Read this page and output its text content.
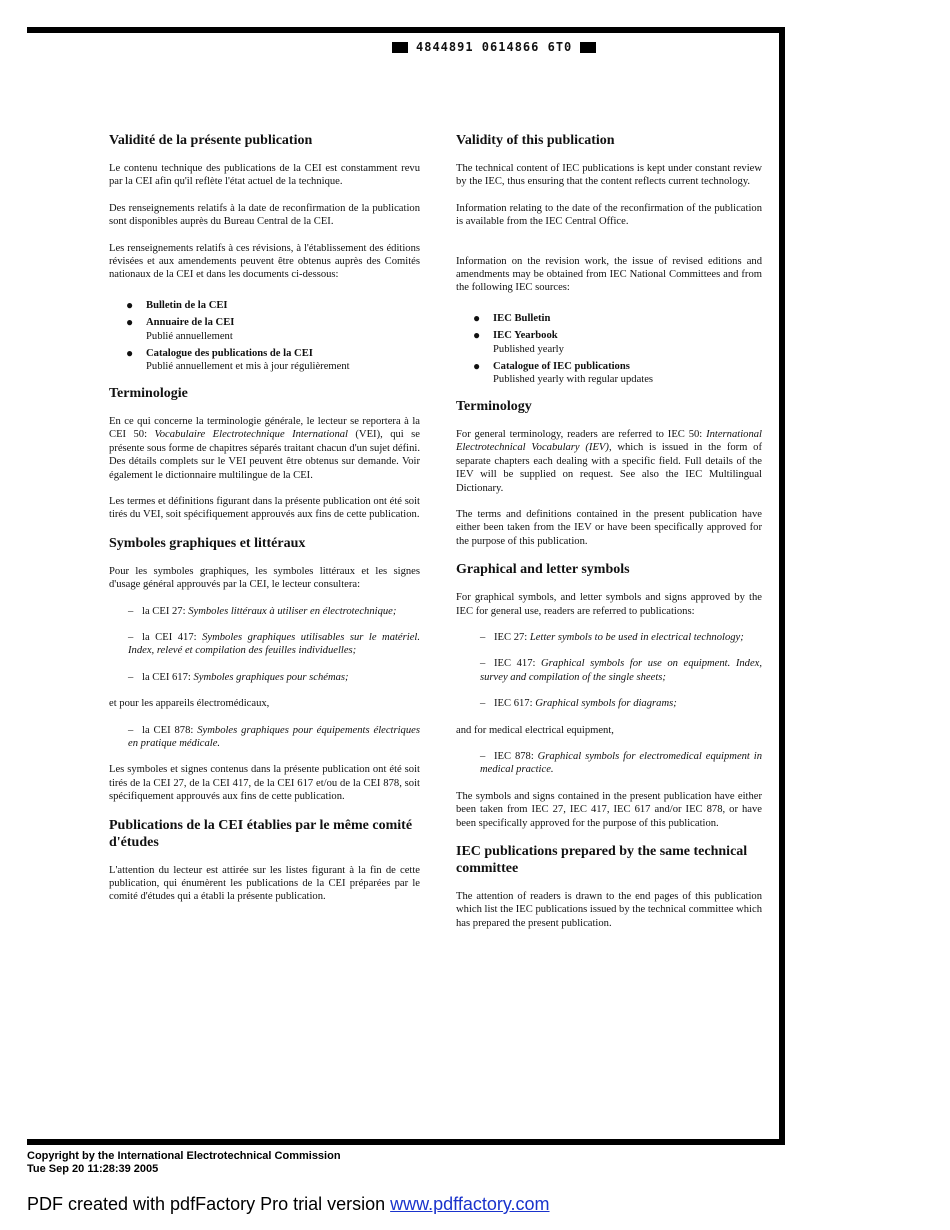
4844891 0614866 6T0
Validité de la présente publication

Le contenu technique des publications de la CEI est constamment revu par la CEI afin qu'il reflète l'état actuel de la technique.

Des renseignements relatifs à la date de reconfirmation de la publication sont disponibles auprès du Bureau Central de la CEI.

Les renseignements relatifs à ces révisions, à l'établissement des éditions révisées et aux amendements peuvent être obtenus auprès des Comités nationaux de la CEI et dans les documents ci-dessous:

● Bulletin de la CEI
● Annuaire de la CEI
Publié annuellement
● Catalogue des publications de la CEI
Publié annuellement et mis à jour régulièrement
Terminologie

En ce qui concerne la terminologie générale, le lecteur se reportera à la CEI 50: Vocabulaire Electrotechnique International (VEI), qui se présente sous forme de chapitres séparés traitant chacun d'un sujet défini. Des détails complets sur le VEI peuvent être obtenus sur demande. Voir également le dictionnaire multilingue de la CEI.

Les termes et définitions figurant dans la présente publication ont été soit tirés du VEI, soit spécifiquement approuvés aux fins de cette publication.

Symboles graphiques et littéraux

Pour les symboles graphiques, les symboles littéraux et les signes d'usage général approuvés par la CEI, le lecteur consultera:

– la CEI 27: Symboles littéraux à utiliser en électrotechnique;

– la CEI 417: Symboles graphiques utilisables sur le matériel. Index, relevé et compilation des feuilles individuelles;

– la CEI 617: Symboles graphiques pour schémas;

et pour les appareils électromédicaux,

– la CEI 878: Symboles graphiques pour équipements électriques en pratique médicale.

Les symboles et signes contenus dans la présente publication ont été soit tirés de la CEI 27, de la CEI 417, de la CEI 617 et/ou de la CEI 878, soit spécifiquement approuvés aux fins de cette publication.

Publications de la CEI établies par le même comité d'études

L'attention du lecteur est attirée sur les listes figurant à la fin de cette publication, qui énumèrent les publications de la CEI préparées par le comité d'études qui a établi la présente publication.

Validity of this publication

The technical content of IEC publications is kept under constant review by the IEC, thus ensuring that the content reflects current technology.

Information relating to the date of the reconfirmation of the publication is available from the IEC Central Office.

Information on the revision work, the issue of revised editions and amendments may be obtained from IEC National Committees and from the following IEC sources:

● IEC Bulletin
● IEC Yearbook
Published yearly
● Catalogue of IEC publications
Published yearly with regular updates
Terminology

For general terminology, readers are referred to IEC 50: International Electrotechnical Vocabulary (IEV), which is issued in the form of separate chapters each dealing with a specific field. Full details of the IEV will be supplied on request. See also the IEC Multilingual Dictionary.

The terms and definitions contained in the present publication have either been taken from the IEV or have been specifically approved for the purpose of this publication.

Graphical and letter symbols

For graphical symbols, and letter symbols and signs approved by the IEC for general use, readers are referred to publications:

– IEC 27: Letter symbols to be used in electrical technology;

– IEC 417: Graphical symbols for use on equipment. Index, survey and compilation of the single sheets;

– IEC 617: Graphical symbols for diagrams;

and for medical electrical equipment,

– IEC 878: Graphical symbols for electromedical equipment in medical practice.

The symbols and signs contained in the present publication have either been taken from IEC 27, IEC 417, IEC 617 and/or IEC 878, or have been specifically approved for the purpose of this publication.

IEC publications prepared by the same technical committee

The attention of readers is drawn to the end pages of this publication which list the IEC publications issued by the technical committee which has prepared the present publication.

Copyright by the International Electrotechnical Commission
Tue Sep 20 11:28:39 2005
PDF created with pdfFactory Pro trial version www.pdffactory.com
